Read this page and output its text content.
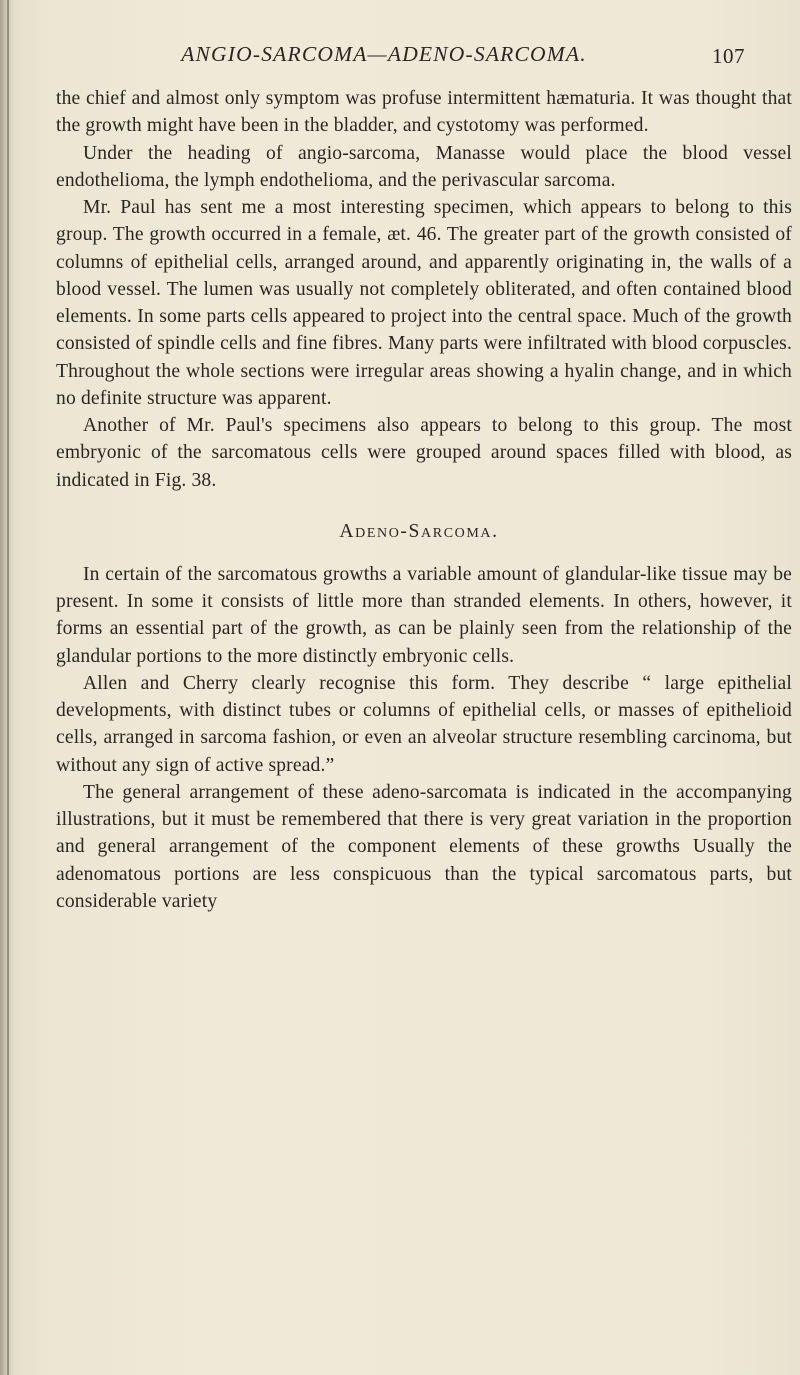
ANGIO-SARCOMA—ADENO-SARCOMA.	107

the chief and almost only symptom was profuse intermittent hæmaturia. It was thought that the growth might have been in the bladder, and cystotomy was performed.

Under the heading of angio-sarcoma, Manasse would place the blood vessel endothelioma, the lymph endothelioma, and the perivascular sarcoma.

Mr. Paul has sent me a most interesting specimen, which appears to belong to this group. The growth occurred in a female, æt. 46. The greater part of the growth consisted of columns of epithelial cells, arranged around, and apparently originating in, the walls of a blood vessel. The lumen was usually not completely obliterated, and often contained blood elements. In some parts cells appeared to project into the central space. Much of the growth consisted of spindle cells and fine fibres. Many parts were infiltrated with blood corpuscles. Throughout the whole sections were irregular areas showing a hyalin change, and in which no definite structure was apparent.

Another of Mr. Paul's specimens also appears to belong to this group. The most embryonic of the sarcomatous cells were grouped around spaces filled with blood, as indicated in Fig. 38.

Adeno-Sarcoma.

In certain of the sarcomatous growths a variable amount of glandular-like tissue may be present. In some it consists of little more than stranded elements. In others, however, it forms an essential part of the growth, as can be plainly seen from the relationship of the glandular portions to the more distinctly embryonic cells.

Allen and Cherry clearly recognise this form. They describe “ large epithelial developments, with distinct tubes or columns of epithelial cells, or masses of epithelioid cells, arranged in sarcoma fashion, or even an alveolar structure resembling carcinoma, but without any sign of active spread.”

The general arrangement of these adeno-sarcomata is indicated in the accompanying illustrations, but it must be remembered that there is very great variation in the proportion and general arrangement of the component elements of these growths Usually the adenomatous portions are less conspicuous than the typical sarcomatous parts, but considerable variety
